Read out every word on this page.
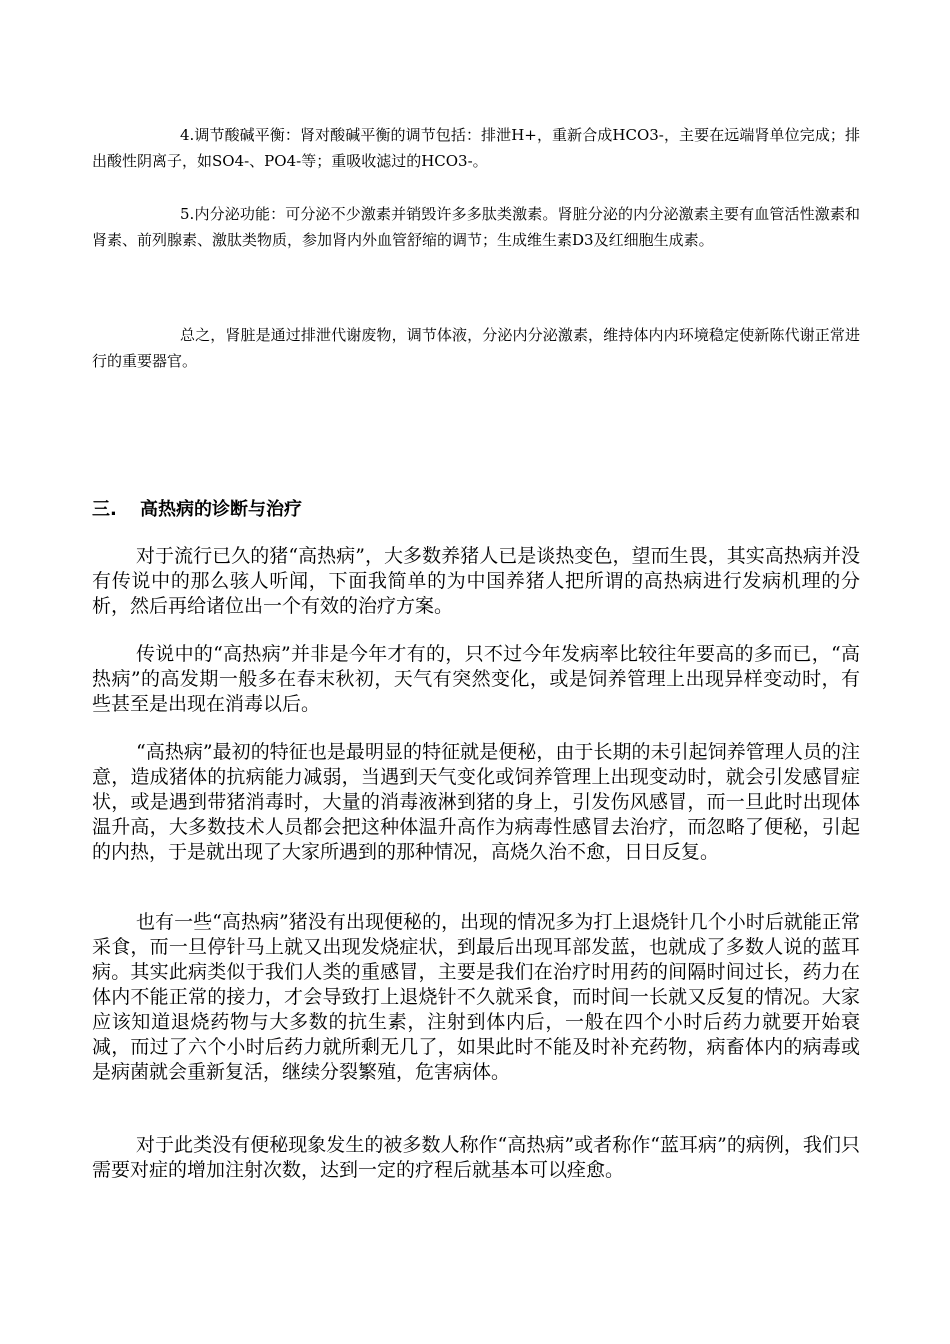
4.调节酸碱平衡：肾对酸碱平衡的调节包括：排泄H+，重新合成HCO3-，主要在远端肾单位完成；排出酸性阴离子，如SO4-、PO4-等；重吸收滤过的HCO3-。

5.内分泌功能：可分泌不少激素并销毁许多多肽类激素。肾脏分泌的内分泌激素主要有血管活性激素和肾素、前列腺素、激肽类物质，参加肾内外血管舒缩的调节；生成维生素D3及红细胞生成素。

总之，肾脏是通过排泄代谢废物，调节体液，分泌内分泌激素，维持体内内环境稳定使新陈代谢正常进行的重要器官。

三. 高热病的诊断与治疗

对于流行已久的猪“高热病”，大多数养猪人已是谈热变色，望而生畏，其实高热病并没有传说中的那么骇人听闻，下面我简单的为中国养猪人把所谓的高热病进行发病机理的分析，然后再给诸位出一个有效的治疗方案。

传说中的“高热病”并非是今年才有的，只不过今年发病率比较往年要高的多而已，“高热病”的高发期一般多在春末秋初，天气有突然变化，或是饲养管理上出现异样变动时，有些甚至是出现在消毒以后。

“高热病”最初的特征也是最明显的特征就是便秘，由于长期的未引起饲养管理人员的注意，造成猪体的抗病能力减弱，当遇到天气变化或饲养管理上出现变动时，就会引发感冒症状，或是遇到带猪消毒时，大量的消毒液淋到猪的身上，引发伤风感冒，而一旦此时出现体温升高，大多数技术人员都会把这种体温升高作为病毒性感冒去治疗，而忽略了便秘，引起的内热，于是就出现了大家所遇到的那种情况，高烧久治不愈，日日反复。

也有一些“高热病”猪没有出现便秘的，出现的情况多为打上退烧针几个小时后就能正常采食，而一旦停针马上就又出现发烧症状，到最后出现耳部发蓝，也就成了多数人说的蓝耳病。其实此病类似于我们人类的重感冒，主要是我们在治疗时用药的间隔时间过长，药力在体内不能正常的接力，才会导致打上退烧针不久就采食，而时间一长就又反复的情况。大家应该知道退烧药物与大多数的抗生素，注射到体内后，一般在四个小时后药力就要开始衰减，而过了六个小时后药力就所剩无几了，如果此时不能及时补充药物，病畜体内的病毒或是病菌就会重新复活，继续分裂繁殖，危害病体。

对于此类没有便秘现象发生的被多数人称作“高热病”或者称作“蓝耳病”的病例，我们只需要对症的增加注射次数，达到一定的疗程后就基本可以痊愈。
